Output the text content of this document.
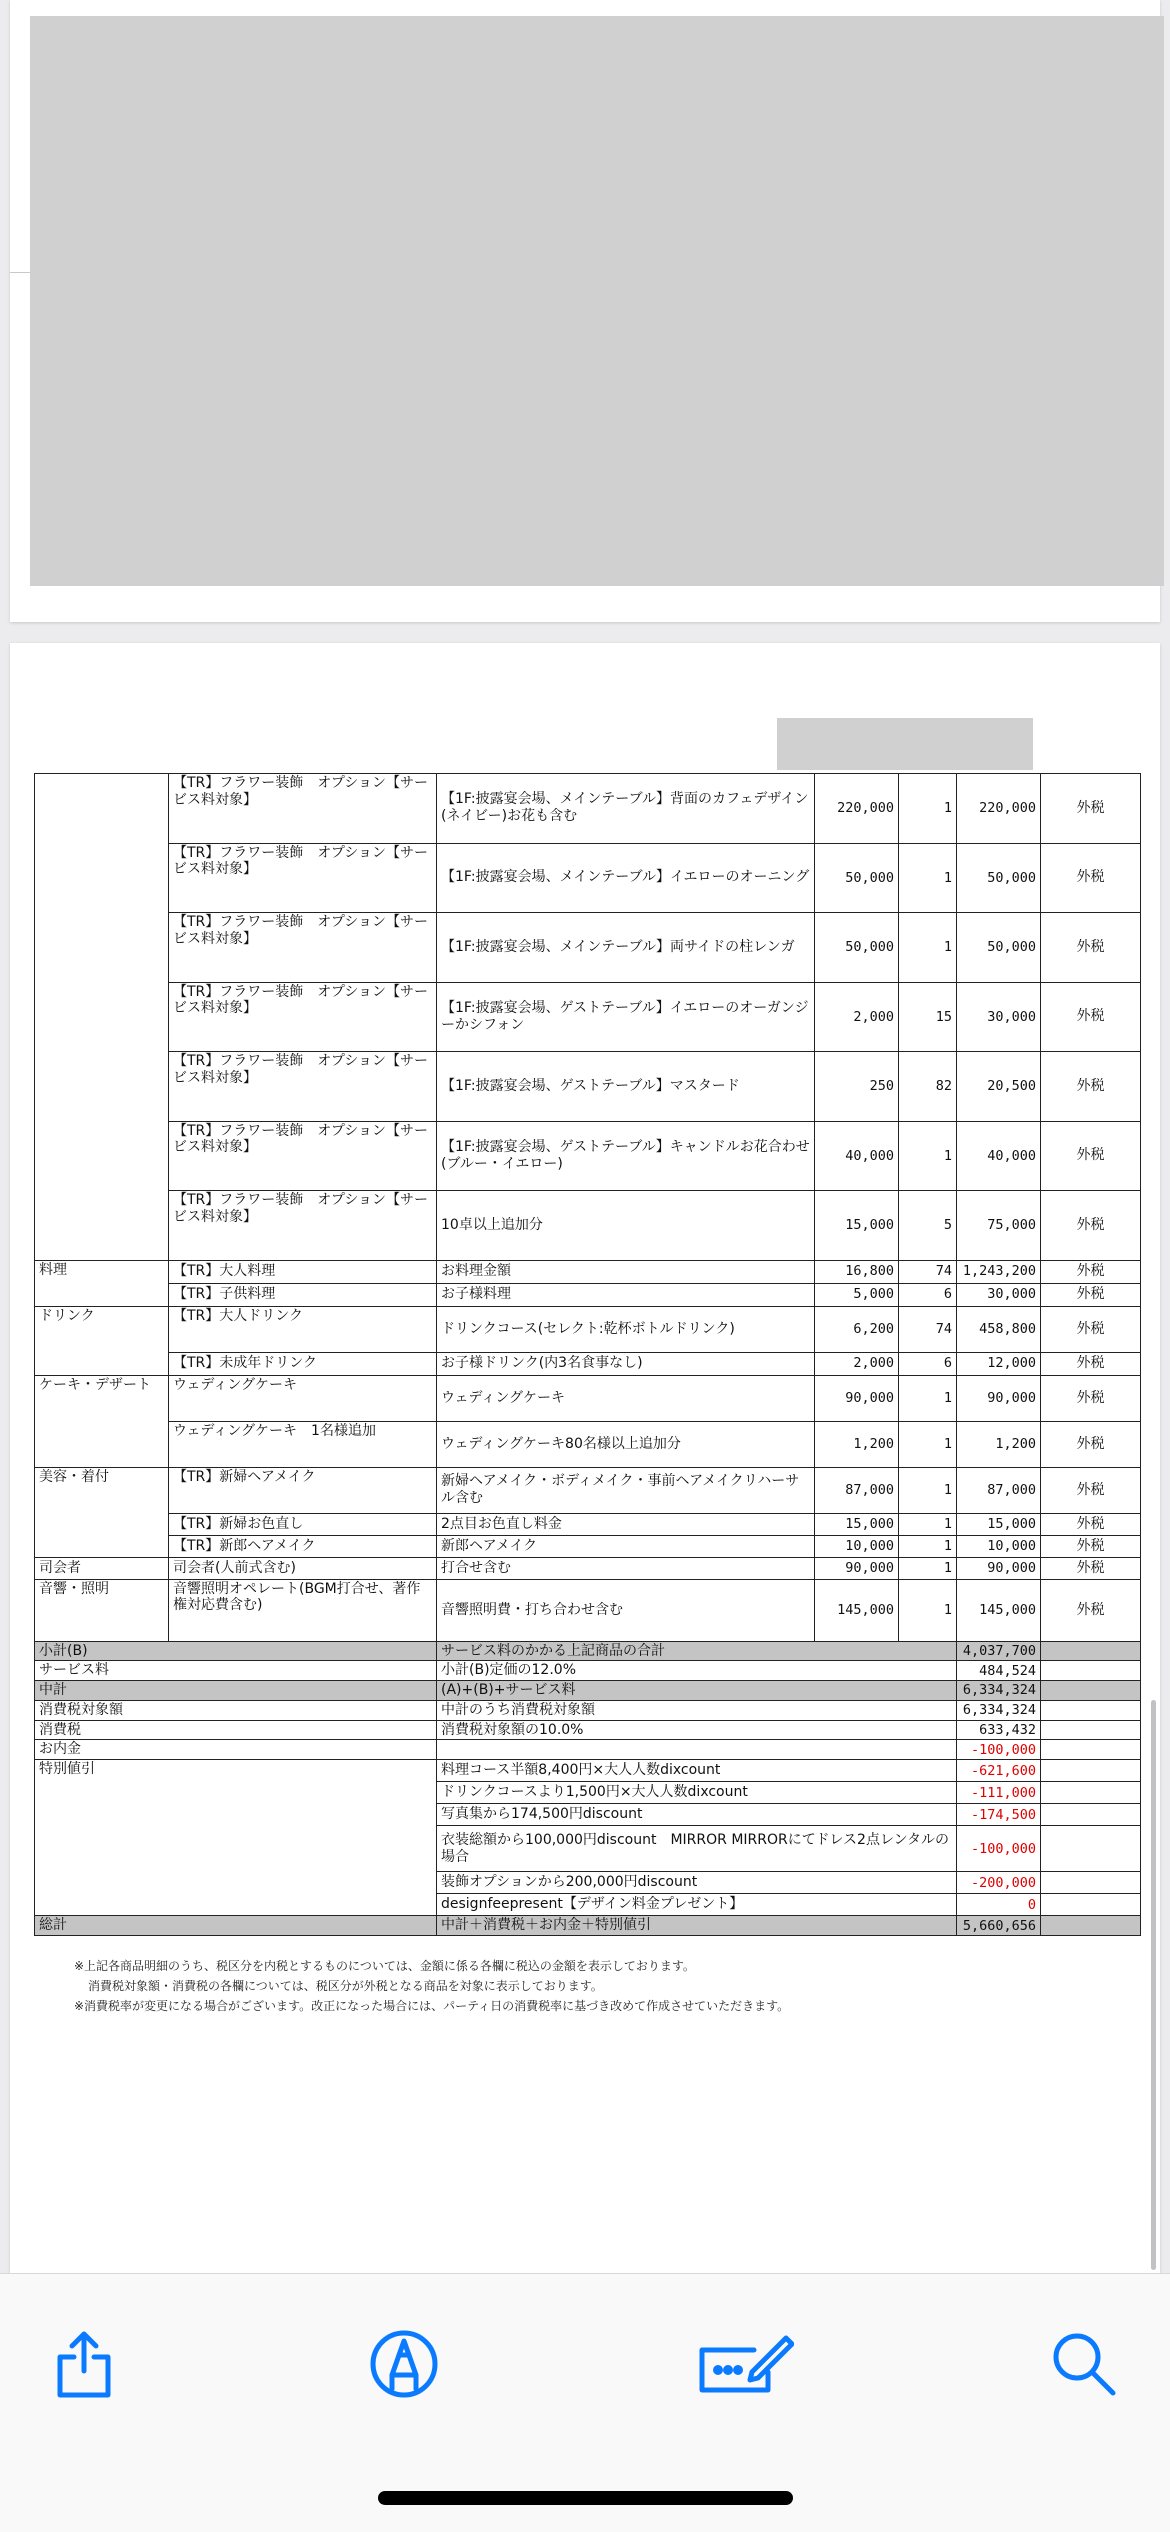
	【TR】フラワー装飾　オプション【サービス料対象】	【1F:披露宴会場、メインテーブル】背面のカフェデザイン(ネイビー)お花も含む	220,000	1	220,000	外税
	【TR】フラワー装飾　オプション【サービス料対象】	【1F:披露宴会場、メインテーブル】イエローのオーニング	50,000	1	50,000	外税
	【TR】フラワー装飾　オプション【サービス料対象】	【1F:披露宴会場、メインテーブル】両サイドの柱レンガ	50,000	1	50,000	外税
	【TR】フラワー装飾　オプション【サービス料対象】	【1F:披露宴会場、ゲストテーブル】イエローのオーガンジーかシフォン	2,000	15	30,000	外税
	【TR】フラワー装飾　オプション【サービス料対象】	【1F:披露宴会場、ゲストテーブル】マスタード	250	82	20,500	外税
	【TR】フラワー装飾　オプション【サービス料対象】	【1F:披露宴会場、ゲストテーブル】キャンドルお花合わせ(ブルー・イエロー)	40,000	1	40,000	外税
	【TR】フラワー装飾　オプション【サービス料対象】	10卓以上追加分	15,000	5	75,000	外税
料理	【TR】大人料理	お料理金額	16,800	74	1,243,200	外税
	【TR】子供料理	お子様料理	5,000	6	30,000	外税
ドリンク	【TR】大人ドリンク	ドリンクコース(セレクト:乾杯ボトルドリンク)	6,200	74	458,800	外税
	【TR】未成年ドリンク	お子様ドリンク(内3名食事なし)	2,000	6	12,000	外税
ケーキ・デザート	ウェディングケーキ	ウェディングケーキ	90,000	1	90,000	外税
	ウェディングケーキ　1名様追加	ウェディングケーキ80名様以上追加分	1,200	1	1,200	外税
美容・着付	【TR】新婦ヘアメイク	新婦ヘアメイク・ボディメイク・事前ヘアメイクリハーサル含む	87,000	1	87,000	外税
	【TR】新婦お色直し	2点目お色直し料金	15,000	1	15,000	外税
	【TR】新郎ヘアメイク	新郎ヘアメイク	10,000	1	10,000	外税
司会者	司会者(人前式含む)	打合せ含む	90,000	1	90,000	外税
音響・照明	音響照明オペレート(BGM打合せ、著作権対応費含む)	音響照明費・打ち合わせ含む	145,000	1	145,000	外税
小計(B)		サービス料のかかる上記商品の合計			4,037,700	
サービス料		小計(B)定価の12.0%			484,524	
中計		(A)+(B)+サービス料			6,334,324	
消費税対象額		中計のうち消費税対象額			6,334,324	
消費税		消費税対象額の10.0%			633,432	
お内金					-100,000	
特別値引		料理コース半額8,400円×大人人数dixcount			-621,600	
		ドリンクコースより1,500円×大人人数dixcount			-111,000	
		写真集から174,500円discount			-174,500	
		衣装総額から100,000円discount　MIRROR MIRRORにてドレス2点レンタルの場合			-100,000	
		装飾オプションから200,000円discount			-200,000	
		designfeepresent【デザイン料金プレゼント】			0	
総計		中計＋消費税＋お内金＋特別値引			5,660,656	
※上記各商品明細のうち、税区分を内税とするものについては、金額に係る各欄に税込の金額を表示しております。
消費税対象額・消費税の各欄については、税区分が外税となる商品を対象に表示しております。
※消費税率が変更になる場合がございます。改正になった場合には、パーティ日の消費税率に基づき改めて作成させていただきます。
